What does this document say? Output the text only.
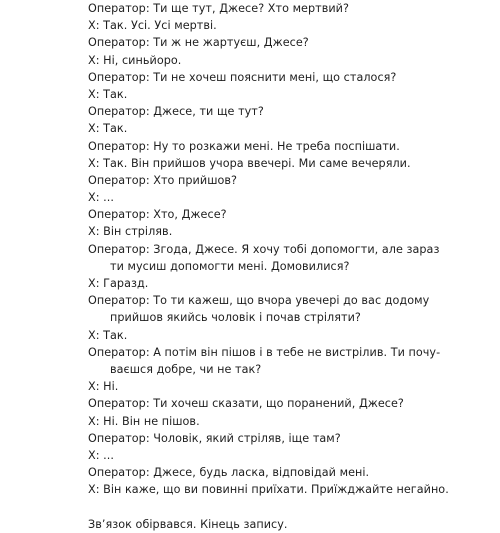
Оператор: Ти ще тут, Джесе? Хто мертвий?
Х: Так. Усі. Усі мертві.
Оператор: Ти ж не жартуєш, Джесе?
Х: Ні, синьйоро.
Оператор: Ти не хочеш пояснити мені, що сталося?
Х: Так.
Оператор: Джесе, ти ще тут?
Х: Так.
Оператор: Ну то розкажи мені. Не треба поспішати.
Х: Так. Він прийшов учора ввечері. Ми саме вечеряли.
Оператор: Хто прийшов?
Х: ...
Оператор: Хто, Джесе?
Х: Він стріляв.
Оператор: Згода, Джесе. Я хочу тобі допомогти, але зараз
ти мусиш допомогти мені. Домовилися?
Х: Гаразд.
Оператор: То ти кажеш, що вчора увечері до вас додому
прийшов якийсь чоловік і почав стріляти?
Х: Так.
Оператор: А потім він пішов і в тебе не вистрілив. Ти почу-
ваєшся добре, чи не так?
Х: Ні.
Оператор: Ти хочеш сказати, що поранений, Джесе?
Х: Ні. Він не пішов.
Оператор: Чоловік, який стріляв, іще там?
Х: ...
Оператор: Джесе, будь ласка, відповідай мені.
Х: Він каже, що ви повинні приїхати. Приїжджайте негайно.
Зв’язок обірвався. Кінець запису.
